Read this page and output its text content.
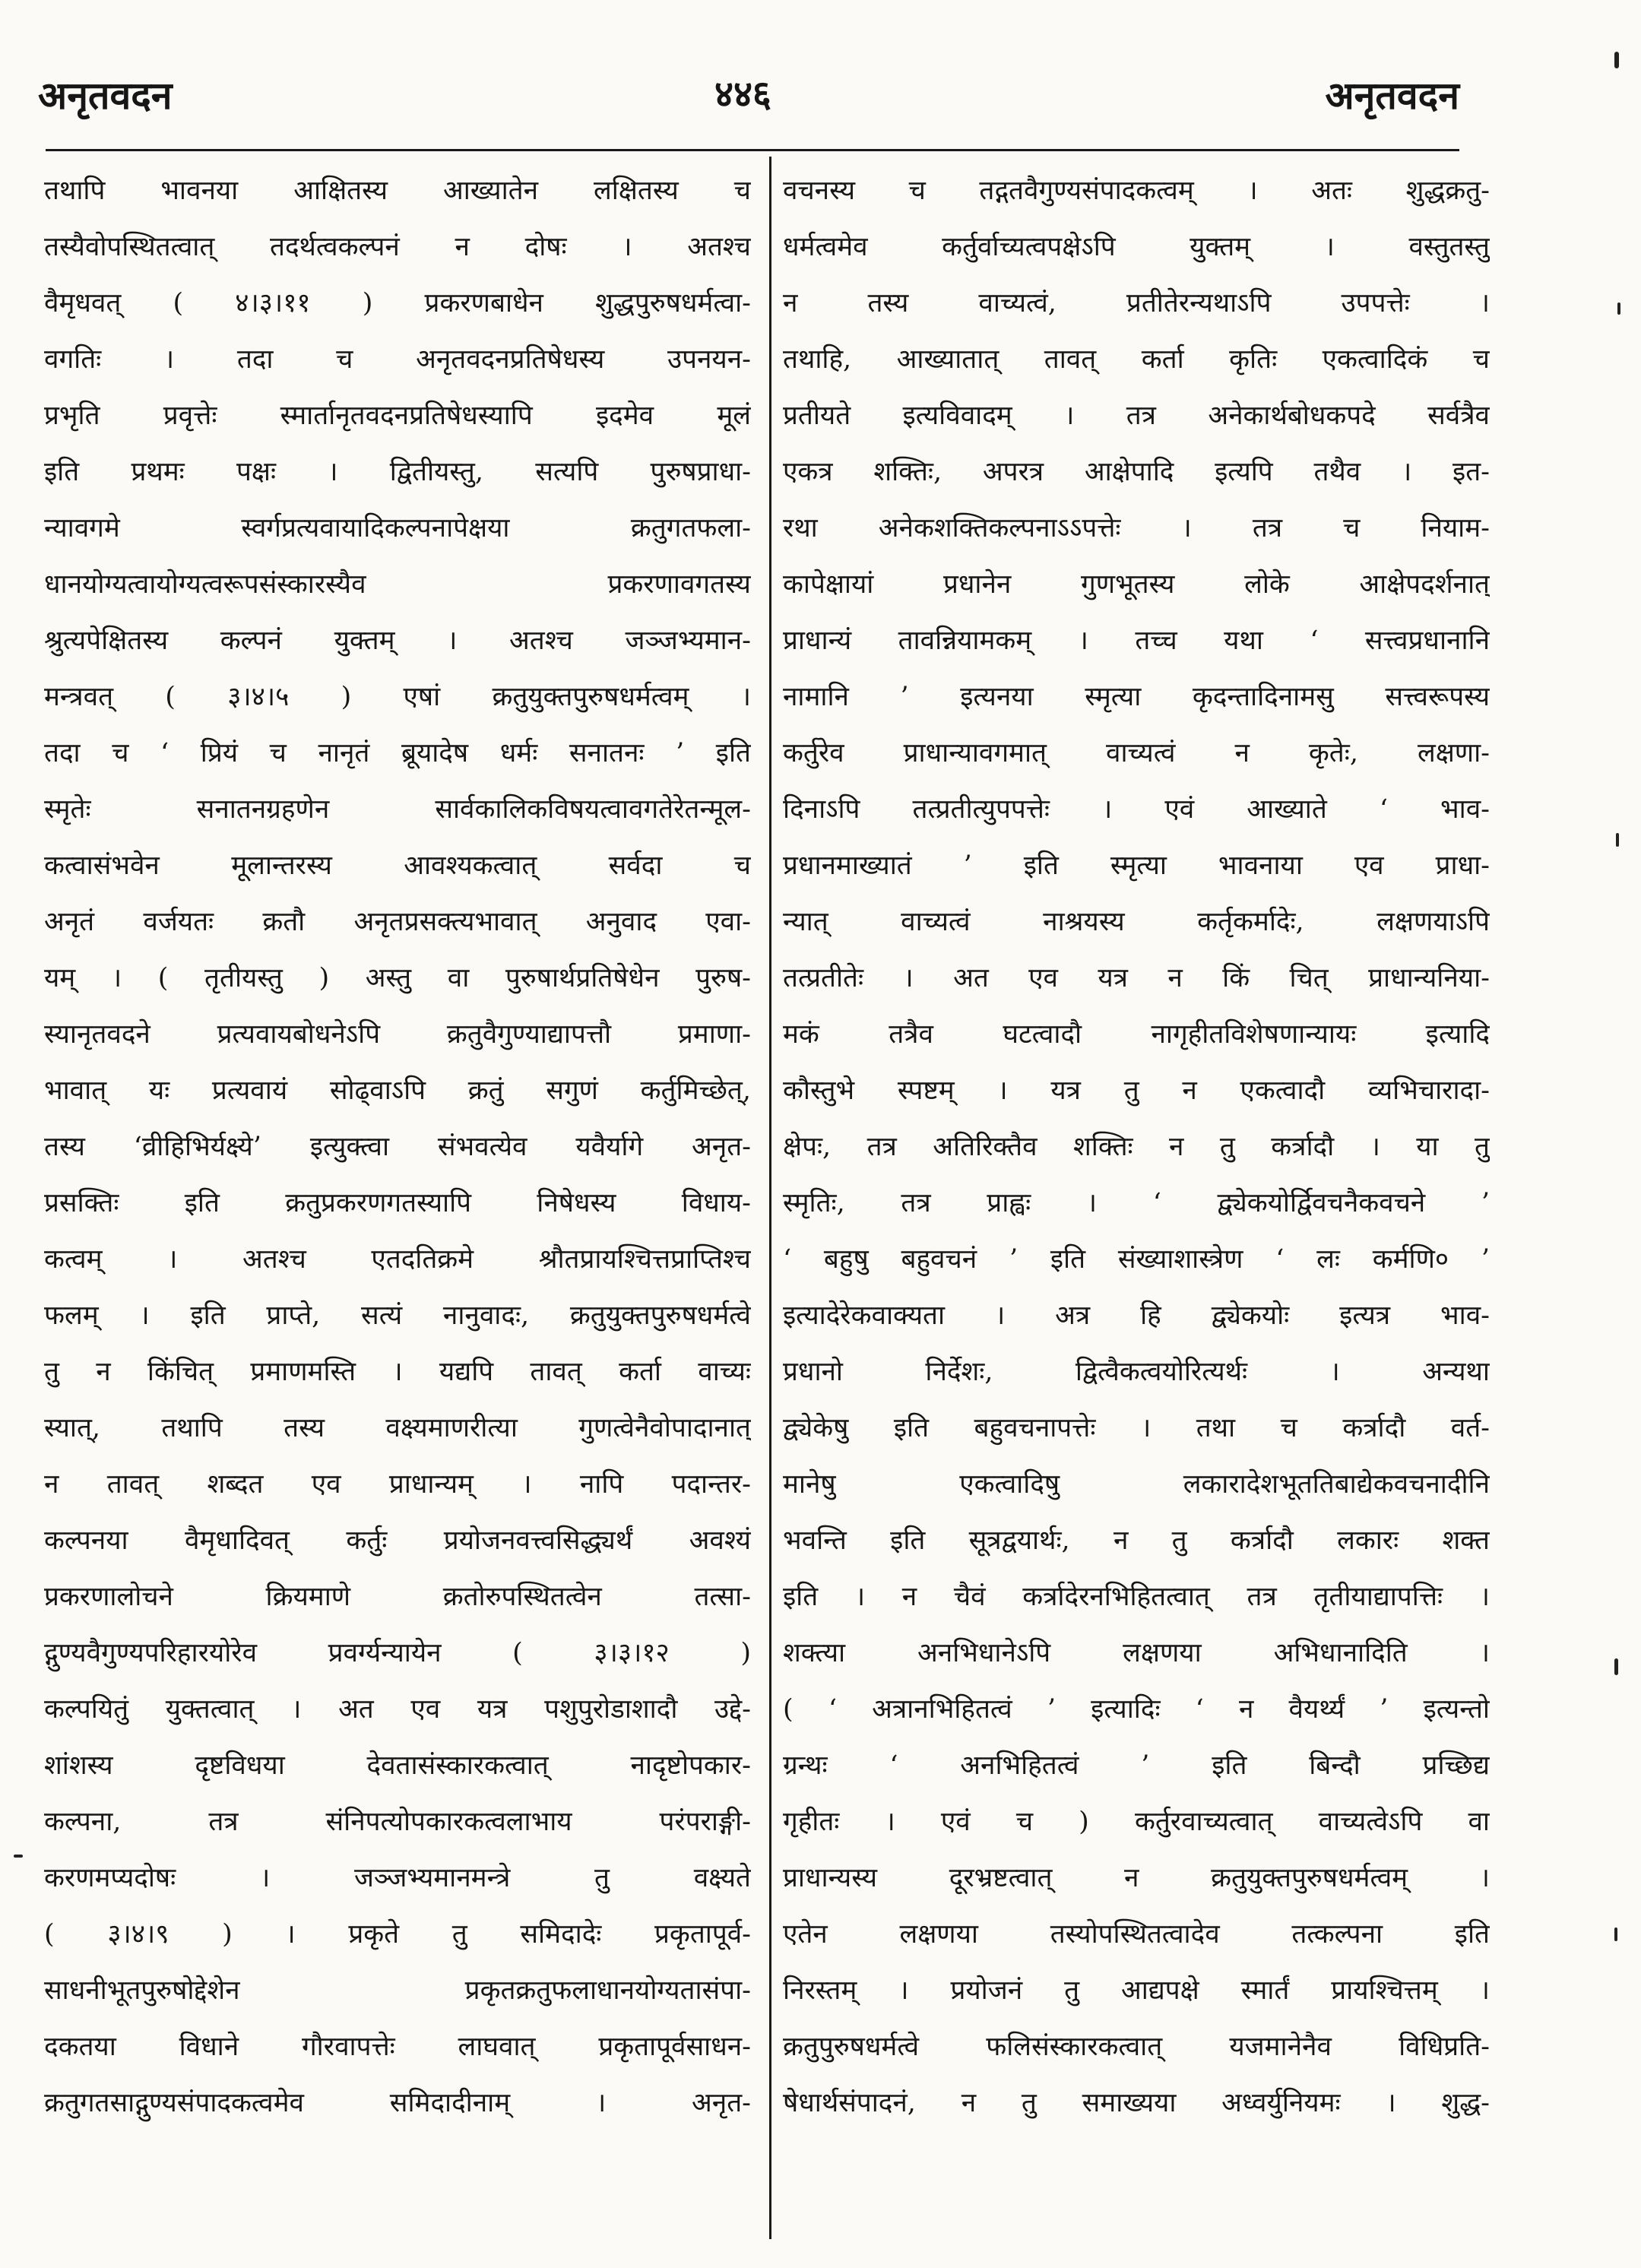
अनृतवदन	४४६	अनृतवदन
तथापि भावनया आक्षितस्य आख्यातेन लक्षितस्य च
तस्यैवोपस्थितत्वात् तदर्थत्वकल्पनं न दोषः । अतश्च
वैमृधवत् ( ४।३।११ ) प्रकरणबाधेन शुद्धपुरुषधर्मत्वा-
वगतिः । तदा च अनृतवदनप्रतिषेधस्य उपनयन-
प्रभृति प्रवृत्तेः स्मार्तानृतवदनप्रतिषेधस्यापि इदमेव मूलं
इति प्रथमः पक्षः । द्वितीयस्तु, सत्यपि पुरुषप्राधा-
न्यावगमे स्वर्गप्रत्यवायादिकल्पनापेक्षया क्रतुगतफला-
धानयोग्यत्वायोग्यत्वरूपसंस्कारस्यैव प्रकरणावगतस्य
श्रुत्यपेक्षितस्य कल्पनं युक्तम् । अतश्च जञ्जभ्यमान-
मन्त्रवत् ( ३।४।५ ) एषां क्रतुयुक्तपुरुषधर्मत्वम् ।
तदा च ‘ प्रियं च नानृतं ब्रूयादेष धर्मः सनातनः ’ इति
स्मृतेः सनातनग्रहणेन सार्वकालिकविषयत्वावगतेरेतन्मूल-
कत्वासंभवेन मूलान्तरस्य आवश्यकत्वात् सर्वदा च
अनृतं वर्जयतः क्रतौ अनृतप्रसक्त्यभावात् अनुवाद एवा-
यम् । ( तृतीयस्तु ) अस्तु वा पुरुषार्थप्रतिषेधेन पुरुष-
स्यानृतवदने प्रत्यवायबोधनेऽपि क्रतुवैगुण्याद्यापत्तौ प्रमाणा-
भावात् यः प्रत्यवायं सोढ्वाऽपि क्रतुं सगुणं कर्तुमिच्छेत्,
तस्य ‘व्रीहिभिर्यक्ष्ये’ इत्युक्त्वा संभवत्येव यवैर्यागे अनृत-
प्रसक्तिः इति क्रतुप्रकरणगतस्यापि निषेधस्य विधाय-
कत्वम् । अतश्च एतदतिक्रमे श्रौतप्रायश्चित्तप्राप्तिश्च
फलम् । इति प्राप्ते, सत्यं नानुवादः, क्रतुयुक्तपुरुषधर्मत्वे
तु न किंचित् प्रमाणमस्ति । यद्यपि तावत् कर्ता वाच्यः
स्यात्, तथापि तस्य वक्ष्यमाणरीत्या गुणत्वेनैवोपादानात्
न तावत् शब्दत एव प्राधान्यम् । नापि पदान्तर-
कल्पनया वैमृधादिवत् कर्तुः प्रयोजनवत्त्वसिद्ध्यर्थं अवश्यं
प्रकरणालोचने क्रियमाणे क्रतोरुपस्थितत्वेन तत्सा-
द्गुण्यवैगुण्यपरिहारयोरेव प्रवर्ग्यन्यायेन ( ३।३।१२ )
कल्पयितुं युक्तत्वात् । अत एव यत्र पशुपुरोडाशादौ उद्दे-
शांशस्य दृष्टविधया देवतासंस्कारकत्वात् नादृष्टोपकार-
कल्पना, तत्र संनिपत्योपकारकत्वलाभाय परंपराङ्गी-
करणमप्यदोषः । जञ्जभ्यमानमन्त्रे तु वक्ष्यते
( ३।४।९ ) । प्रकृते तु समिदादेः प्रकृतापूर्व-
साधनीभूतपुरुषोद्देशेन प्रकृतक्रतुफलाधानयोग्यतासंपा-
दकतया विधाने गौरवापत्तेः लाघवात् प्रकृतापूर्वसाधन-
क्रतुगतसाद्गुण्यसंपादकत्वमेव समिदादीनाम् । अनृत-
वचनस्य च तद्गतवैगुण्यसंपादकत्वम् । अतः शुद्धक्रतु-
धर्मत्वमेव कर्तुर्वाच्यत्वपक्षेऽपि युक्तम् । वस्तुतस्तु
न तस्य वाच्यत्वं, प्रतीतेरन्यथाऽपि उपपत्तेः ।
तथाहि, आख्यातात् तावत् कर्ता कृतिः एकत्वादिकं च
प्रतीयते इत्यविवादम् । तत्र अनेकार्थबोधकपदे सर्वत्रैव
एकत्र शक्तिः, अपरत्र आक्षेपादि इत्यपि तथैव । इत-
रथा अनेकशक्तिकल्पनाऽऽपत्तेः । तत्र च नियाम-
कापेक्षायां प्रधानेन गुणभूतस्य लोके आक्षेपदर्शनात्
प्राधान्यं तावन्नियामकम् । तच्च यथा ‘ सत्त्वप्रधानानि
नामानि ’ इत्यनया स्मृत्या कृदन्तादिनामसु सत्त्वरूपस्य
कर्तुरेव प्राधान्यावगमात् वाच्यत्वं न कृतेः, लक्षणा-
दिनाऽपि तत्प्रतीत्युपपत्तेः । एवं आख्याते ‘ भाव-
प्रधानमाख्यातं ’ इति स्मृत्या भावनाया एव प्राधा-
न्यात् वाच्यत्वं नाश्रयस्य कर्तृकर्मादेः, लक्षणयाऽपि
तत्प्रतीतेः । अत एव यत्र न किं चित् प्राधान्यनिया-
मकं तत्रैव घटत्वादौ नागृहीतविशेषणान्यायः इत्यादि
कौस्तुभे स्पष्टम् । यत्र तु न एकत्वादौ व्यभिचारादा-
क्षेपः, तत्र अतिरिक्तैव शक्तिः न तु कर्त्रादौ । या तु
स्मृतिः, तत्र प्राह्वः । ‘ द्व्येकयोर्द्विवचनैकवचने ’
‘ बहुषु बहुवचनं ’ इति संख्याशास्त्रेण ‘ लः कर्मणि० ’
इत्यादेरेकवाक्यता । अत्र हि द्व्येकयोः इत्यत्र भाव-
प्रधानो निर्देशः, द्वित्वैकत्वयोरित्यर्थः । अन्यथा
द्व्येकेषु इति बहुवचनापत्तेः । तथा च कर्त्रादौ वर्त-
मानेषु एकत्वादिषु लकारादेशभूततिबाद्येकवचनादीनि
भवन्ति इति सूत्रद्वयार्थः, न तु कर्त्रादौ लकारः शक्त
इति । न चैवं कर्त्रादेरनभिहितत्वात् तत्र तृतीयाद्यापत्तिः ।
शक्त्या अनभिधानेऽपि लक्षणया अभिधानादिति ।
( ‘ अत्रानभिहितत्वं ’ इत्यादिः ‘ न वैयर्थ्यं ’ इत्यन्तो
ग्रन्थः ‘ अनभिहितत्वं ’ इति बिन्दौ प्रच्छिद्य
गृहीतः । एवं च ) कर्तुरवाच्यत्वात् वाच्यत्वेऽपि वा
प्राधान्यस्य दूरभ्रष्टत्वात् न क्रतुयुक्तपुरुषधर्मत्वम् ।
एतेन लक्षणया तस्योपस्थितत्वादेव तत्कल्पना इति
निरस्तम् । प्रयोजनं तु आद्यपक्षे स्मार्तं प्रायश्चित्तम् ।
क्रतुपुरुषधर्मत्वे फलिसंस्कारकत्वात् यजमानेनैव विधिप्रति-
षेधार्थसंपादनं, न तु समाख्यया अध्वर्युनियमः । शुद्ध-
